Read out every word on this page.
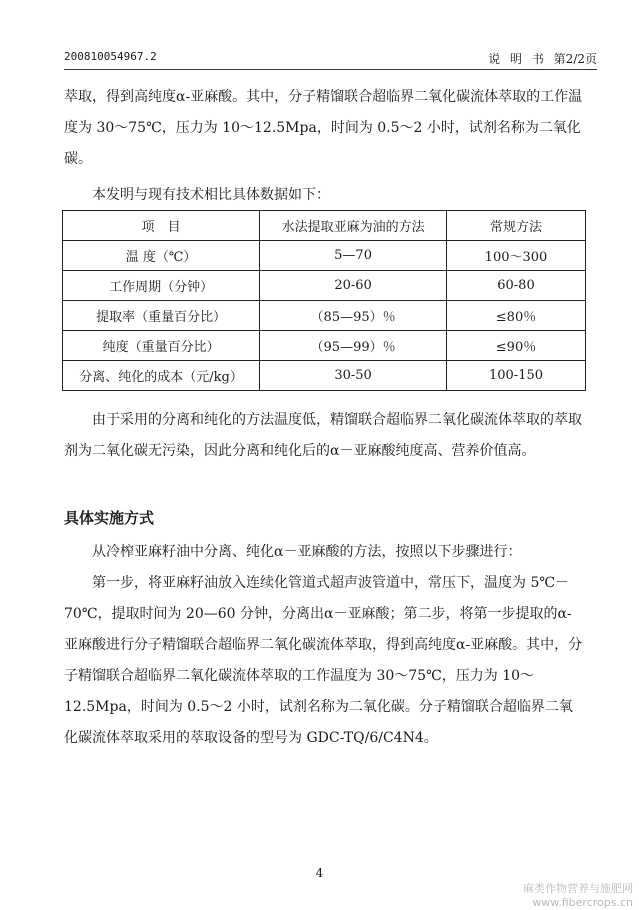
200810054967.2	说 明 书 第2/2页

萃取，得到高纯度α-亚麻酸。其中，分子精馏联合超临界二氧化碳流体萃取的工作温度为 30～75℃，压力为 10～12.5Mpa，时间为 0.5～2 小时，试剂名称为二氧化碳。

本发明与现有技术相比具体数据如下：

项　目	水法提取亚麻为油的方法	常规方法
温 度（℃）	5—70	100～300
工作周期（分钟）	20-60	60-80
提取率（重量百分比）	（85—95）％	≤80％
纯度（重量百分比）	（95—99）％	≤90％
分离、纯化的成本（元/kg）	30-50	100-150

由于采用的分离和纯化的方法温度低，精馏联合超临界二氧化碳流体萃取的萃取剂为二氧化碳无污染，因此分离和纯化后的α－亚麻酸纯度高、营养价值高。

具体实施方式

从冷榨亚麻籽油中分离、纯化α－亚麻酸的方法，按照以下步骤进行：

第一步，将亚麻籽油放入连续化管道式超声波管道中，常压下，温度为 5℃－70℃，提取时间为 20—60 分钟，分离出α－亚麻酸；第二步，将第一步提取的α-亚麻酸进行分子精馏联合超临界二氧化碳流体萃取，得到高纯度α-亚麻酸。其中，分子精馏联合超临界二氧化碳流体萃取的工作温度为 30～75℃，压力为 10～12.5Mpa，时间为 0.5～2 小时，试剂名称为二氧化碳。分子精馏联合超临界二氧化碳流体萃取采用的萃取设备的型号为 GDC-TQ/6/C4N4。

4
麻类作物营养与施肥网
www.fibercrops.cn
